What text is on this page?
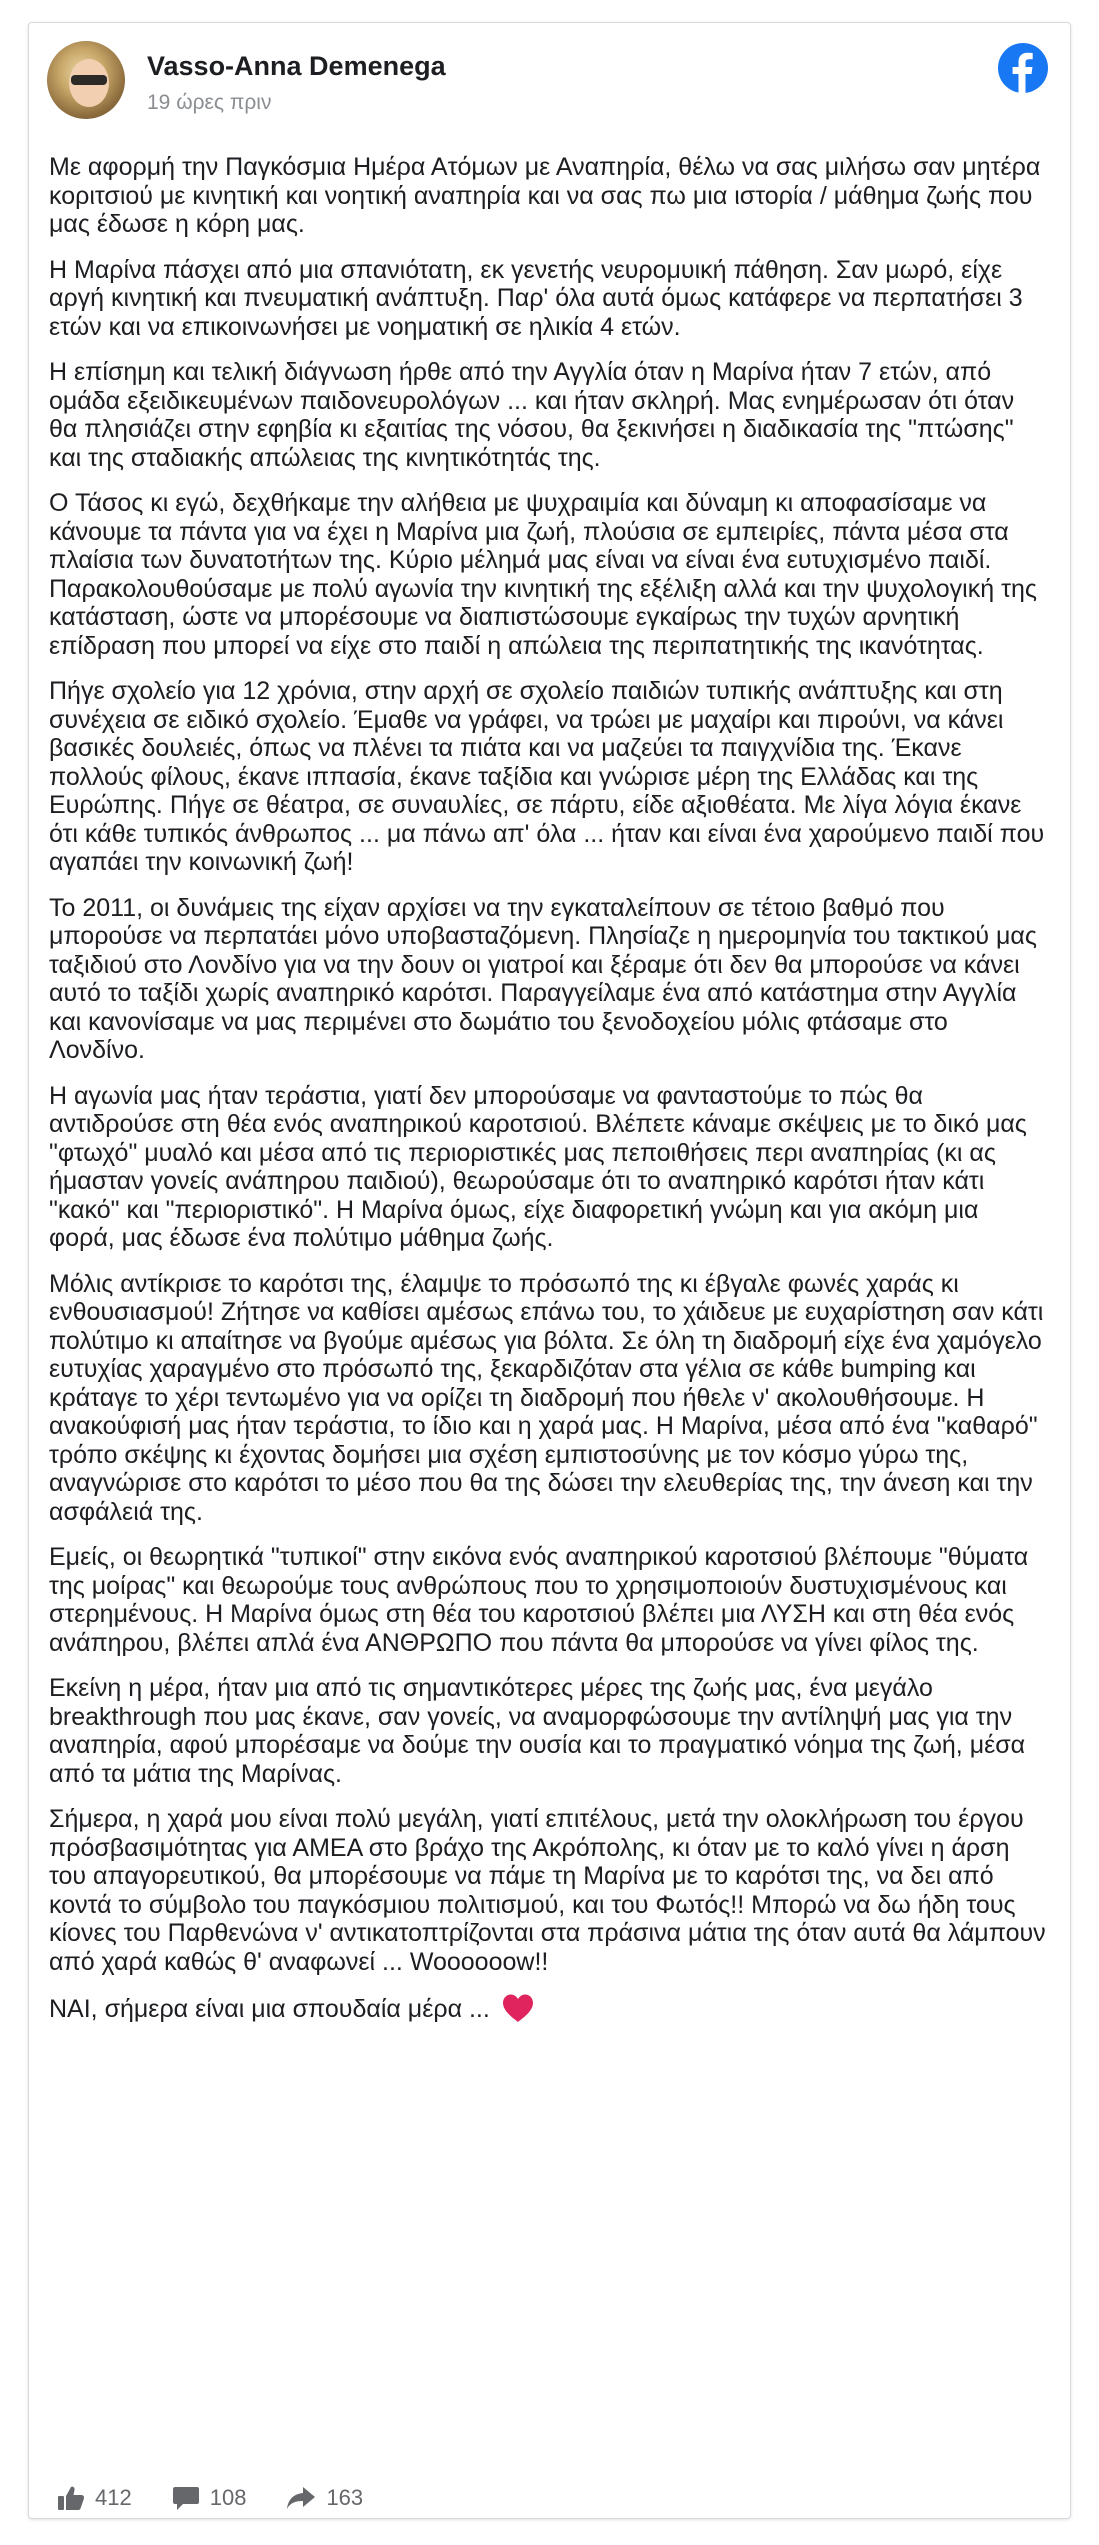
Vasso-Anna Demenega
19 ώρες πριν

Με αφορμή την Παγκόσμια Ημέρα Ατόμων με Αναπηρία, θέλω να σας μιλήσω σαν μητέρα κοριτσιού με κινητική και νοητική αναπηρία και να σας πω μια ιστορία / μάθημα ζωής που μας έδωσε η κόρη μας.

Η Μαρίνα πάσχει από μια σπανιότατη, εκ γενετής νευρομυική πάθηση. Σαν μωρό, είχε αργή κινητική και πνευματική ανάπτυξη. Παρ' όλα αυτά όμως κατάφερε να περπατήσει 3 ετών και να επικοινωνήσει με νοηματική σε ηλικία 4 ετών.

Η επίσημη και τελική διάγνωση ήρθε από την Αγγλία όταν η Μαρίνα ήταν 7 ετών, από ομάδα εξειδικευμένων παιδονευρολόγων ... και ήταν σκληρή. Μας ενημέρωσαν ότι όταν θα πλησιάζει στην εφηβία κι εξαιτίας της νόσου, θα ξεκινήσει η διαδικασία της "πτώσης" και της σταδιακής απώλειας της κινητικότητάς της.

Ο Τάσος κι εγώ, δεχθήκαμε την αλήθεια με ψυχραιμία και δύναμη κι αποφασίσαμε να κάνουμε τα πάντα για να έχει η Μαρίνα μια ζωή, πλούσια σε εμπειρίες, πάντα μέσα στα πλαίσια των δυνατοτήτων της. Κύριο μέλημά μας είναι να είναι ένα ευτυχισμένο παιδί. Παρακολουθούσαμε με πολύ αγωνία την κινητική της εξέλιξη αλλά και την ψυχολογική της κατάσταση, ώστε να μπορέσουμε να διαπιστώσουμε εγκαίρως την τυχών αρνητική επίδραση που μπορεί να είχε στο παιδί η απώλεια της περιπατητικής της ικανότητας.

Πήγε σχολείο για 12 χρόνια, στην αρχή σε σχολείο παιδιών τυπικής ανάπτυξης και στη συνέχεια σε ειδικό σχολείο. Έμαθε να γράφει, να τρώει με μαχαίρι και πιρούνι, να κάνει βασικές δουλειές, όπως να πλένει τα πιάτα και να μαζεύει τα παιγχνίδια της. Έκανε πολλούς φίλους, έκανε ιππασία, έκανε ταξίδια και γνώρισε μέρη της Ελλάδας και της Ευρώπης. Πήγε σε θέατρα, σε συναυλίες, σε πάρτυ, είδε αξιοθέατα. Με λίγα λόγια έκανε ότι κάθε τυπικός άνθρωπος ... μα πάνω απ' όλα ... ήταν και είναι ένα χαρούμενο παιδί που αγαπάει την κοινωνική ζωή!

Το 2011, οι δυνάμεις της είχαν αρχίσει να την εγκαταλείπουν σε τέτοιο βαθμό που μπορούσε να περπατάει μόνο υποβασταζόμενη. Πλησίαζε η ημερομηνία του τακτικού μας ταξιδιού στο Λονδίνο για να την δουν οι γιατροί και ξέραμε ότι δεν θα μπορούσε να κάνει αυτό το ταξίδι χωρίς αναπηρικό καρότσι. Παραγγείλαμε ένα από κατάστημα στην Αγγλία και κανονίσαμε να μας περιμένει στο δωμάτιο του ξενοδοχείου μόλις φτάσαμε στο Λονδίνο.

Η αγωνία μας ήταν τεράστια, γιατί δεν μπορούσαμε να φανταστούμε το πώς θα αντιδρούσε στη θέα ενός αναπηρικού καροτσιού. Βλέπετε κάναμε σκέψεις με το δικό μας "φτωχό" μυαλό και μέσα από τις περιοριστικές μας πεποιθήσεις περι αναπηρίας (κι ας ήμασταν γονείς ανάπηρου παιδιού), θεωρούσαμε ότι το αναπηρικό καρότσι ήταν κάτι "κακό" και "περιοριστικό". Η Μαρίνα όμως, είχε διαφορετική γνώμη και για ακόμη μια φορά, μας έδωσε ένα πολύτιμο μάθημα ζωής.

Μόλις αντίκρισε το καρότσι της, έλαμψε το πρόσωπό της κι έβγαλε φωνές χαράς κι ενθουσιασμού! Ζήτησε να καθίσει αμέσως επάνω του, το χάιδευε με ευχαρίστηση σαν κάτι πολύτιμο κι απαίτησε να βγούμε αμέσως για βόλτα. Σε όλη τη διαδρομή είχε ένα χαμόγελο ευτυχίας χαραγμένο στο πρόσωπό της, ξεκαρδιζόταν στα γέλια σε κάθε bumping και κράταγε το χέρι τεντωμένο για να ορίζει τη διαδρομή που ήθελε ν' ακολουθήσουμε. Η ανακούφισή μας ήταν τεράστια, το ίδιο και η χαρά μας. Η Μαρίνα, μέσα από ένα "καθαρό" τρόπο σκέψης κι έχοντας δομήσει μια σχέση εμπιστοσύνης με τον κόσμο γύρω της, αναγνώρισε στο καρότσι το μέσο που θα της δώσει την ελευθερίας της, την άνεση και την ασφάλειά της.

Εμείς, οι θεωρητικά "τυπικοί" στην εικόνα ενός αναπηρικού καροτσιού βλέπουμε "θύματα της μοίρας" και θεωρούμε τους ανθρώπους που το χρησιμοποιούν δυστυχισμένους και στερημένους. Η Μαρίνα όμως στη θέα του καροτσιού βλέπει μια ΛΥΣΗ και στη θέα ενός ανάπηρου, βλέπει απλά ένα ΑΝΘΡΩΠΟ που πάντα θα μπορούσε να γίνει φίλος της.

Εκείνη η μέρα, ήταν μια από τις σημαντικότερες μέρες της ζωής μας, ένα μεγάλο breakthrough που μας έκανε, σαν γονείς, να αναμορφώσουμε την αντίληψή μας για την αναπηρία, αφού μπορέσαμε να δούμε την ουσία και το πραγματικό νόημα της ζωή, μέσα από τα μάτια της Μαρίνας.

Σήμερα, η χαρά μου είναι πολύ μεγάλη, γιατί επιτέλους, μετά την ολοκλήρωση του έργου πρόσβασιμότητας για ΑΜΕΑ στο βράχο της Ακρόπολης, κι όταν με το καλό γίνει η άρση του απαγορευτικού, θα μπορέσουμε να πάμε τη Μαρίνα με το καρότσι της, να δει από κοντά το σύμβολο του παγκόσμιου πολιτισμού, και του Φωτός!! Μπορώ να δω ήδη τους κίονες του Παρθενώνα ν' αντικατοπτρίζονται στα πράσινα μάτια της όταν αυτά θα λάμπουν από χαρά καθώς θ' αναφωνεί ... Woooooow!!

ΝΑΙ, σήμερα είναι μια σπουδαία μέρα ...

412	108	163
